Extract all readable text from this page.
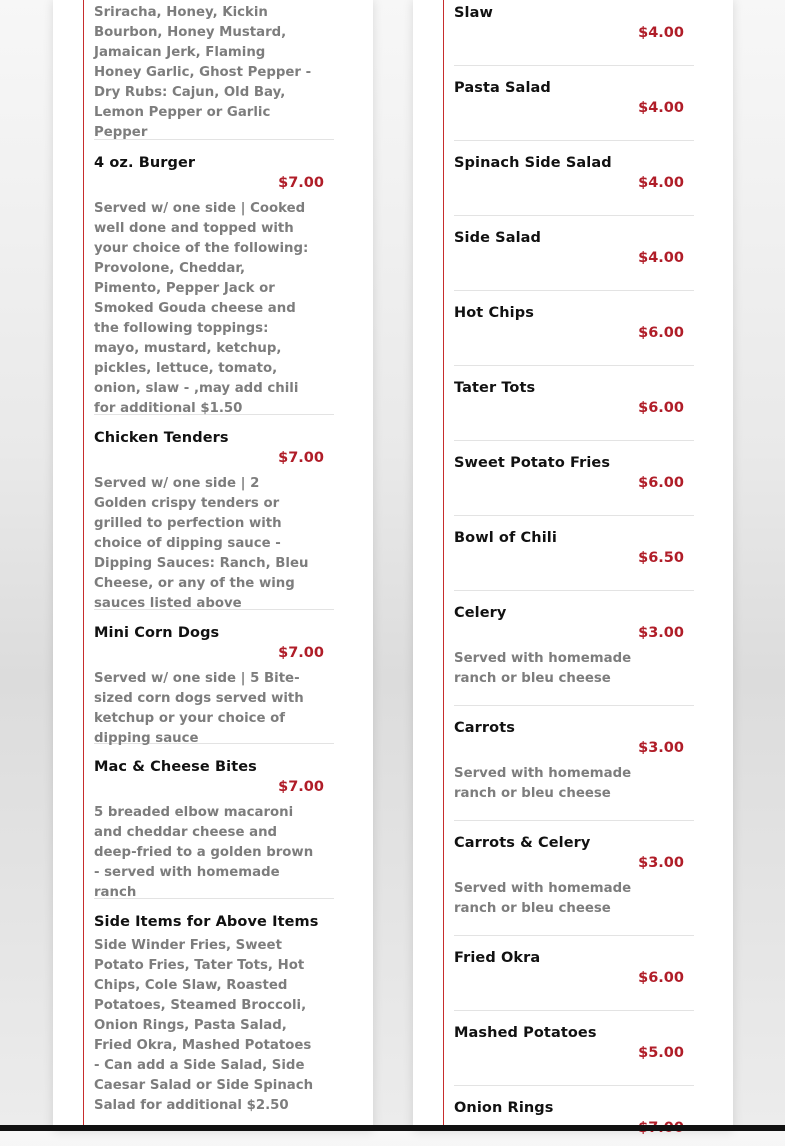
Sriracha, Honey, Kickin Bourbon, Honey Mustard, Jamaican Jerk, Flaming Honey Garlic, Ghost Pepper - Dry Rubs: Cajun, Old Bay, Lemon Pepper or Garlic Pepper
4 oz. Burger
$7.00
Served w/ one side | Cooked well done and topped with your choice of the following: Provolone, Cheddar, Pimento, Pepper Jack or Smoked Gouda cheese and the following toppings: mayo, mustard, ketchup, pickles, lettuce, tomato, onion, slaw - ,may add chili for additional $1.50
Chicken Tenders
$7.00
Served w/ one side | 2 Golden crispy tenders or grilled to perfection with choice of dipping sauce - Dipping Sauces: Ranch, Bleu Cheese, or any of the wing sauces listed above
Mini Corn Dogs
$7.00
Served w/ one side | 5 Bite-sized corn dogs served with ketchup or your choice of dipping sauce
Mac & Cheese Bites
$7.00
5 breaded elbow macaroni and cheddar cheese and deep-fried to a golden brown - served with homemade ranch
Side Items for Above Items
Side Winder Fries, Sweet Potato Fries, Tater Tots, Hot Chips, Cole Slaw, Roasted Potatoes, Steamed Broccoli, Onion Rings, Pasta Salad, Fried Okra, Mashed Potatoes - Can add a Side Salad, Side Caesar Salad or Side Spinach Salad for additional $2.50
Slaw
$4.00
Pasta Salad
$4.00
Spinach Side Salad
$4.00
Side Salad
$4.00
Hot Chips
$6.00
Tater Tots
$6.00
Sweet Potato Fries
$6.00
Bowl of Chili
$6.50
Celery
$3.00
Served with homemade ranch or bleu cheese
Carrots
$3.00
Served with homemade ranch or bleu cheese
Carrots & Celery
$3.00
Served with homemade ranch or bleu cheese
Fried Okra
$6.00
Mashed Potatoes
$5.00
Onion Rings
